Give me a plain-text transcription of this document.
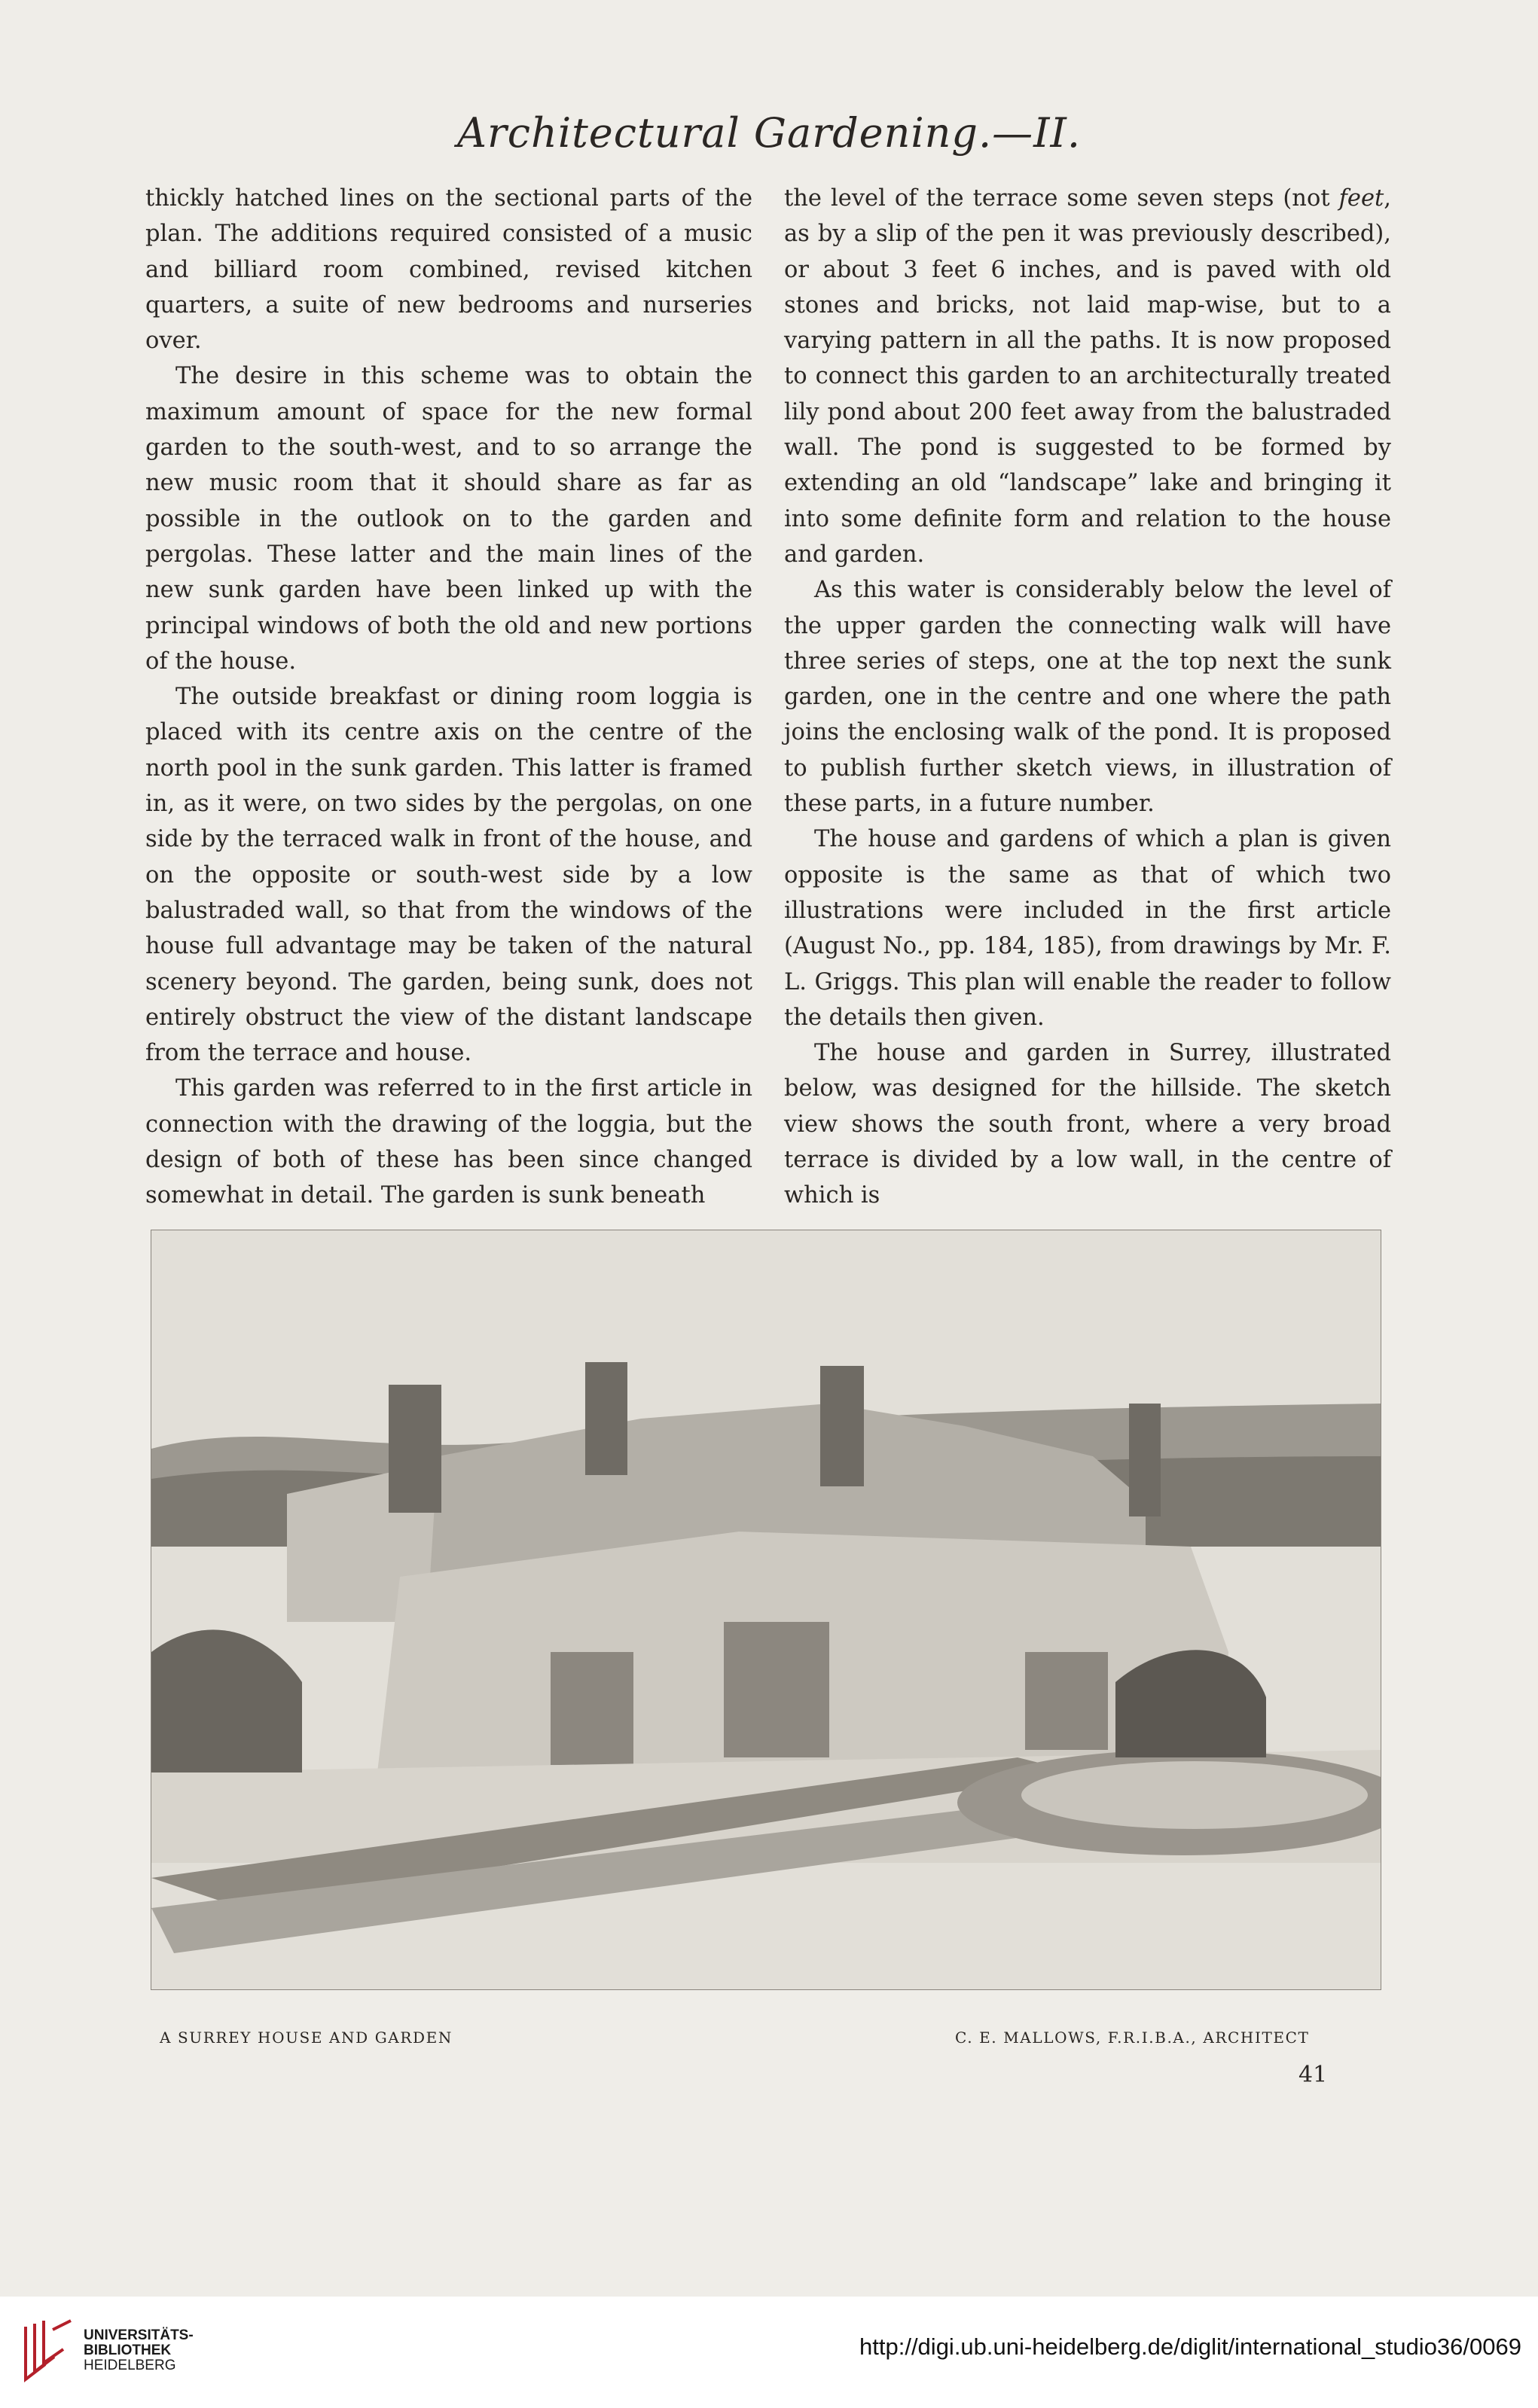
Architectural Gardening.—II.

thickly hatched lines on the sectional parts of the plan. The additions required consisted of a music and billiard room combined, revised kitchen quarters, a suite of new bedrooms and nurseries over.

The desire in this scheme was to obtain the maximum amount of space for the new formal garden to the south-west, and to so arrange the new music room that it should share as far as possible in the outlook on to the garden and pergolas. These latter and the main lines of the new sunk garden have been linked up with the principal windows of both the old and new portions of the house.

The outside breakfast or dining room loggia is placed with its centre axis on the centre of the north pool in the sunk garden. This latter is framed in, as it were, on two sides by the pergolas, on one side by the terraced walk in front of the house, and on the opposite or south-west side by a low balustraded wall, so that from the windows of the house full advantage may be taken of the natural scenery beyond. The garden, being sunk, does not entirely obstruct the view of the distant landscape from the terrace and house.

This garden was referred to in the first article in connection with the drawing of the loggia, but the design of both of these has been since changed somewhat in detail. The garden is sunk beneath

the level of the terrace some seven steps (not feet, as by a slip of the pen it was previously described), or about 3 feet 6 inches, and is paved with old stones and bricks, not laid map-wise, but to a varying pattern in all the paths. It is now proposed to connect this garden to an architecturally treated lily pond about 200 feet away from the balustraded wall. The pond is suggested to be formed by extending an old “landscape” lake and bringing it into some definite form and relation to the house and garden.

As this water is considerably below the level of the upper garden the connecting walk will have three series of steps, one at the top next the sunk garden, one in the centre and one where the path joins the enclosing walk of the pond. It is proposed to publish further sketch views, in illustration of these parts, in a future number.

The house and gardens of which a plan is given opposite is the same as that of which two illustrations were included in the first article (August No., pp. 184, 185), from drawings by Mr. F. L. Griggs. This plan will enable the reader to follow the details then given.

The house and garden in Surrey, illustrated below, was designed for the hillside. The sketch view shows the south front, where a very broad terrace is divided by a low wall, in the centre of which is

A SURREY HOUSE AND GARDEN	C. E. MALLOWS, F.R.I.B.A., ARCHITECT
41
UNIVERSITÄTS-
BIBLIOTHEK
HEIDELBERG
http://digi.ub.uni-heidelberg.de/diglit/international_studio36/0069
